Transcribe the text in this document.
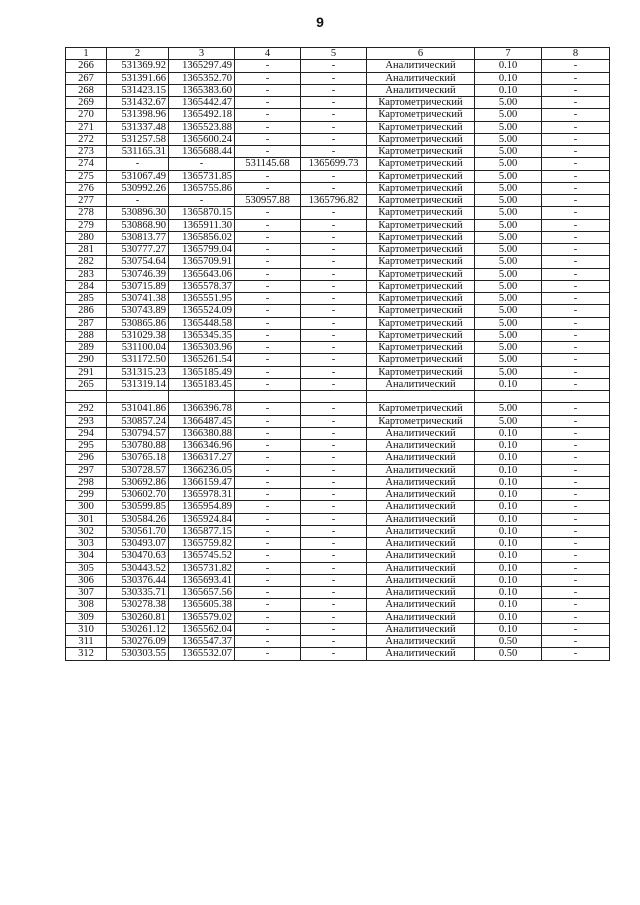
9
1	2	3	4	5	6	7	8
266	531369.92	1365297.49	-	-	Аналитический	0.10	-
267	531391.66	1365352.70	-	-	Аналитический	0.10	-
268	531423.15	1365383.60	-	-	Аналитический	0.10	-
269	531432.67	1365442.47	-	-	Картометрический	5.00	-
270	531398.96	1365492.18	-	-	Картометрический	5.00	-
271	531337.48	1365523.88	-	-	Картометрический	5.00	-
272	531257.58	1365600.24	-	-	Картометрический	5.00	-
273	531165.31	1365688.44	-	-	Картометрический	5.00	-
274	-	-	531145.68	1365699.73	Картометрический	5.00	-
275	531067.49	1365731.85	-	-	Картометрический	5.00	-
276	530992.26	1365755.86	-	-	Картометрический	5.00	-
277	-	-	530957.88	1365796.82	Картометрический	5.00	-
278	530896.30	1365870.15	-	-	Картометрический	5.00	-
279	530868.90	1365911.30	-	-	Картометрический	5.00	-
280	530813.77	1365856.02	-	-	Картометрический	5.00	-
281	530777.27	1365799.04	-	-	Картометрический	5.00	-
282	530754.64	1365709.91	-	-	Картометрический	5.00	-
283	530746.39	1365643.06	-	-	Картометрический	5.00	-
284	530715.89	1365578.37	-	-	Картометрический	5.00	-
285	530741.38	1365551.95	-	-	Картометрический	5.00	-
286	530743.89	1365524.09	-	-	Картометрический	5.00	-
287	530865.86	1365448.58	-	-	Картометрический	5.00	-
288	531029.38	1365345.35	-	-	Картометрический	5.00	-
289	531100.04	1365303.96	-	-	Картометрический	5.00	-
290	531172.50	1365261.54	-	-	Картометрический	5.00	-
291	531315.23	1365185.49	-	-	Картометрический	5.00	-
265	531319.14	1365183.45	-	-	Аналитический	0.10	-

292	531041.86	1366396.78	-	-	Картометрический	5.00	-
293	530857.24	1366487.45	-	-	Картометрический	5.00	-
294	530794.57	1366380.88	-	-	Аналитический	0.10	-
295	530780.88	1366346.96	-	-	Аналитический	0.10	-
296	530765.18	1366317.27	-	-	Аналитический	0.10	-
297	530728.57	1366236.05	-	-	Аналитический	0.10	-
298	530692.86	1366159.47	-	-	Аналитический	0.10	-
299	530602.70	1365978.31	-	-	Аналитический	0.10	-
300	530599.85	1365954.89	-	-	Аналитический	0.10	-
301	530584.26	1365924.84	-	-	Аналитический	0.10	-
302	530561.70	1365877.15	-	-	Аналитический	0.10	-
303	530493.07	1365759.82	-	-	Аналитический	0.10	-
304	530470.63	1365745.52	-	-	Аналитический	0.10	-
305	530443.52	1365731.82	-	-	Аналитический	0.10	-
306	530376.44	1365693.41	-	-	Аналитический	0.10	-
307	530335.71	1365657.56	-	-	Аналитический	0.10	-
308	530278.38	1365605.38	-	-	Аналитический	0.10	-
309	530260.81	1365579.02	-	-	Аналитический	0.10	-
310	530261.12	1365562.04	-	-	Аналитический	0.10	-
311	530276.09	1365547.37	-	-	Аналитический	0.50	-
312	530303.55	1365532.07	-	-	Аналитический	0.50	-
